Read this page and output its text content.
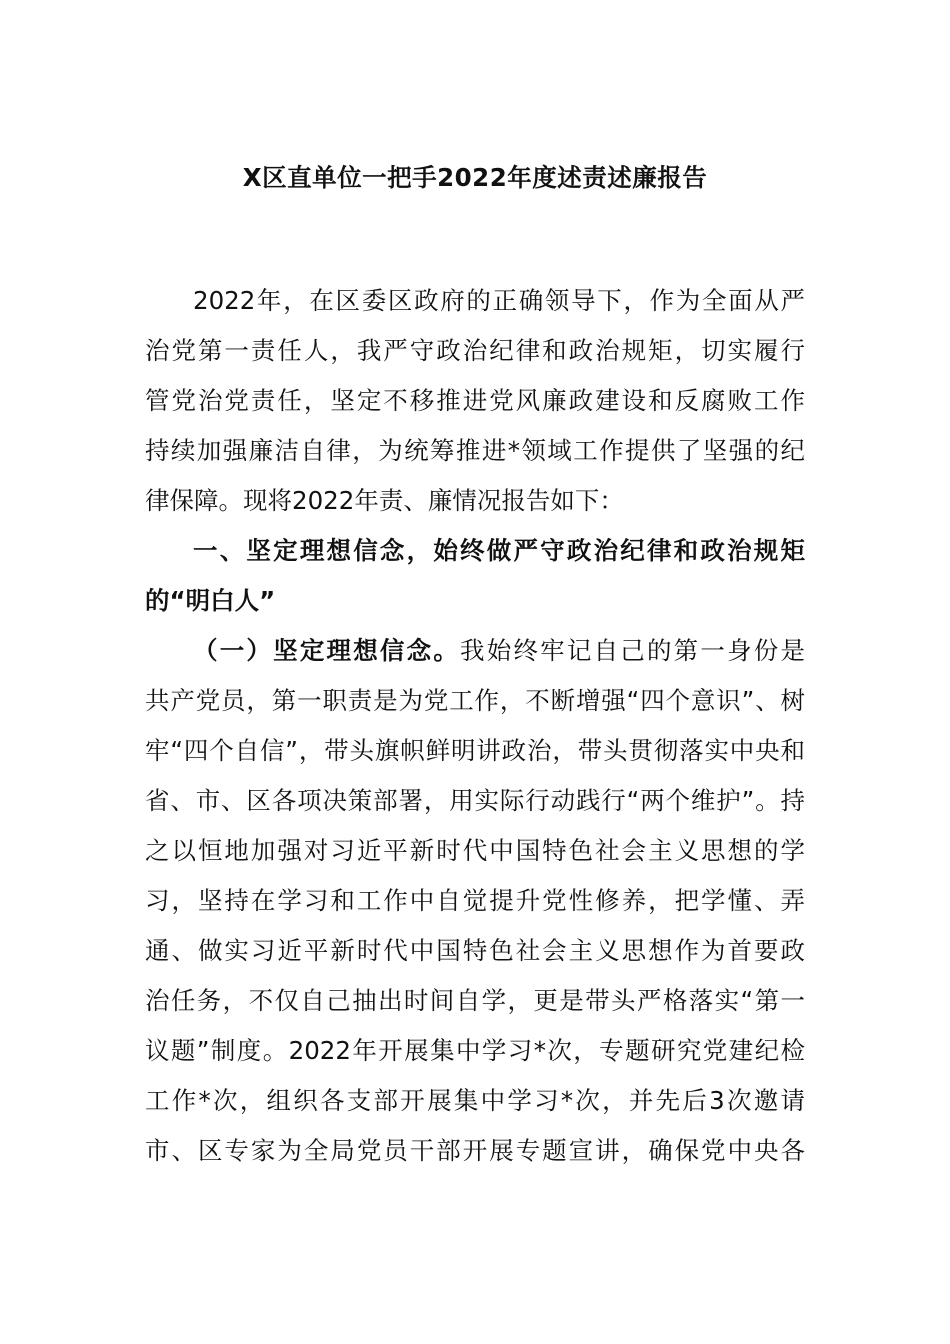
X区直单位一把手2022年度述责述廉报告
2022年，在区委区政府的正确领导下，作为全面从严
治党第一责任人，我严守政治纪律和政治规矩，切实履行
管党治党责任，坚定不移推进党风廉政建设和反腐败工作
持续加强廉洁自律，为统筹推进*领域工作提供了坚强的纪
律保障。现将2022年责、廉情况报告如下：
一、坚定理想信念，始终做严守政治纪律和政治规矩
的“明白人”
（一）坚定理想信念。我始终牢记自己的第一身份是
共产党员，第一职责是为党工作，不断增强“四个意识”、树
牢“四个自信”，带头旗帜鲜明讲政治，带头贯彻落实中央和
省、市、区各项决策部署，用实际行动践行“两个维护”。持
之以恒地加强对习近平新时代中国特色社会主义思想的学
习，坚持在学习和工作中自觉提升党性修养，把学懂、弄
通、做实习近平新时代中国特色社会主义思想作为首要政
治任务，不仅自己抽出时间自学，更是带头严格落实“第一
议题”制度。2022年开展集中学习*次，专题研究党建纪检
工作*次，组织各支部开展集中学习*次，并先后3次邀请
市、区专家为全局党员干部开展专题宣讲，确保党中央各
